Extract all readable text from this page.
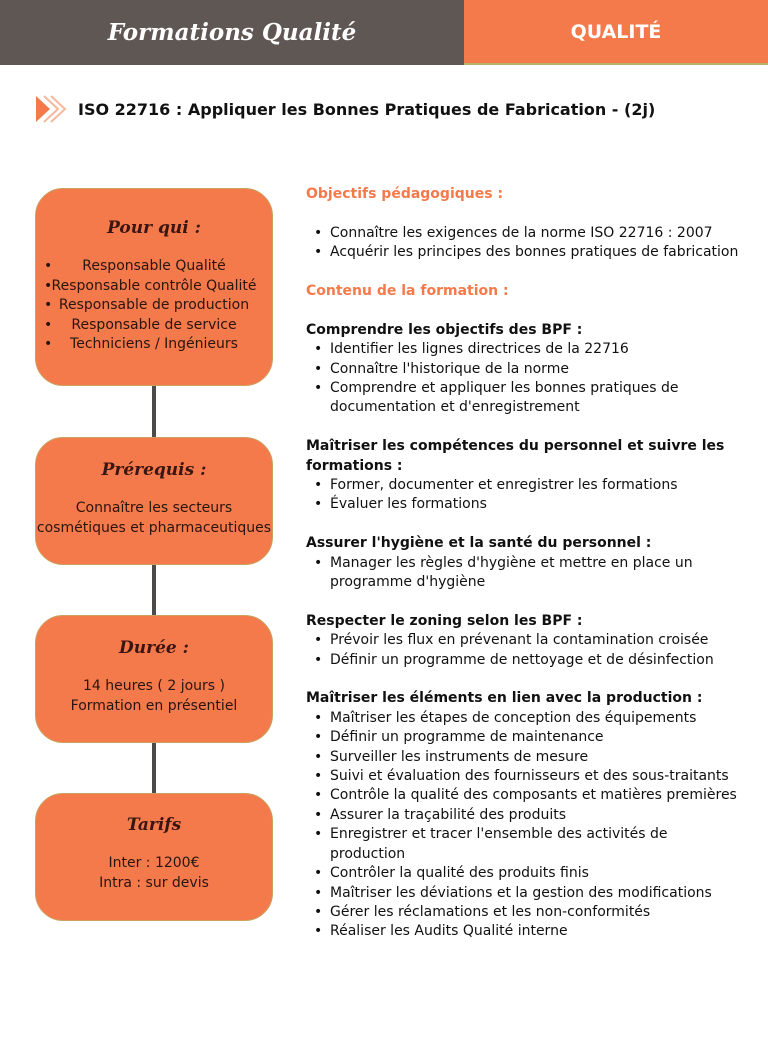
Formations Qualité	QUALITÉ
ISO 22716 : Appliquer les Bonnes Pratiques de Fabrication - (2j)
Pour qui :
• Responsable Qualité
• Responsable contrôle Qualité
• Responsable de production
• Responsable de service
• Techniciens / Ingénieurs
Prérequis :
Connaître les secteurs
cosmétiques et pharmaceutiques
Durée :
14 heures ( 2 jours )
Formation en présentiel
Tarifs
Inter : 1200€
Intra : sur devis
Objectifs pédagogiques :
• Connaître les exigences de la norme ISO 22716 : 2007
• Acquérir les principes des bonnes pratiques de fabrication
Contenu de la formation :
Comprendre les objectifs des BPF :
• Identifier les lignes directrices de la 22716
• Connaître l'historique de la norme
• Comprendre et appliquer les bonnes pratiques de documentation et d'enregistrement
Maîtriser les compétences du personnel et suivre les formations :
• Former, documenter et enregistrer les formations
• Évaluer les formations
Assurer l'hygiène et la santé du personnel :
• Manager les règles d'hygiène et mettre en place un programme d'hygiène
Respecter le zoning selon les BPF :
• Prévoir les flux en prévenant la contamination croisée
• Définir un programme de nettoyage et de désinfection
Maîtriser les éléments en lien avec la production :
• Maîtriser les étapes de conception des équipements
• Définir un programme de maintenance
• Surveiller les instruments de mesure
• Suivi et évaluation des fournisseurs et des sous-traitants
• Contrôle la qualité des composants et matières premières
• Assurer la traçabilité des produits
• Enregistrer et tracer l'ensemble des activités de production
• Contrôler la qualité des produits finis
• Maîtriser les déviations et la gestion des modifications
• Gérer les réclamations et les non-conformités
• Réaliser les Audits Qualité interne
